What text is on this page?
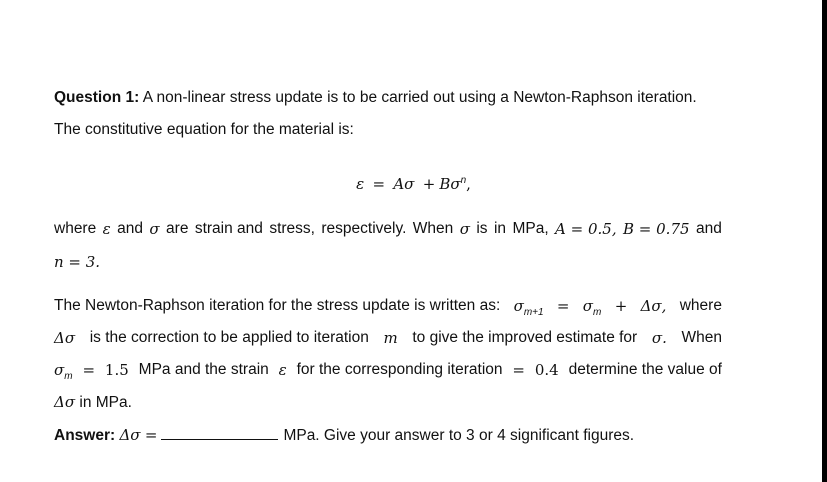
Question 1: A non-linear stress update is to be carried out using a Newton-Raphson iteration.
The constitutive equation for the material is:
$\varepsilon = A\sigma + B\sigma^n$,
where ε and σ are strain and stress, respectively. When σ is in MPa, A = 0.5, B = 0.75 and
n = 3.
The Newton-Raphson iteration for the stress update is written as: $\sigma_{m+1} = \sigma_m + \Delta\sigma$, where
Δσ is the correction to be applied to iteration m to give the improved estimate for σ. When
$\sigma_m = 1.5$ MPa and the strain ε for the corresponding iteration = 0.4 determine the value of
Δσ in MPa.
Answer: Δσ =	MPa. Give your answer to 3 or 4 significant figures.
